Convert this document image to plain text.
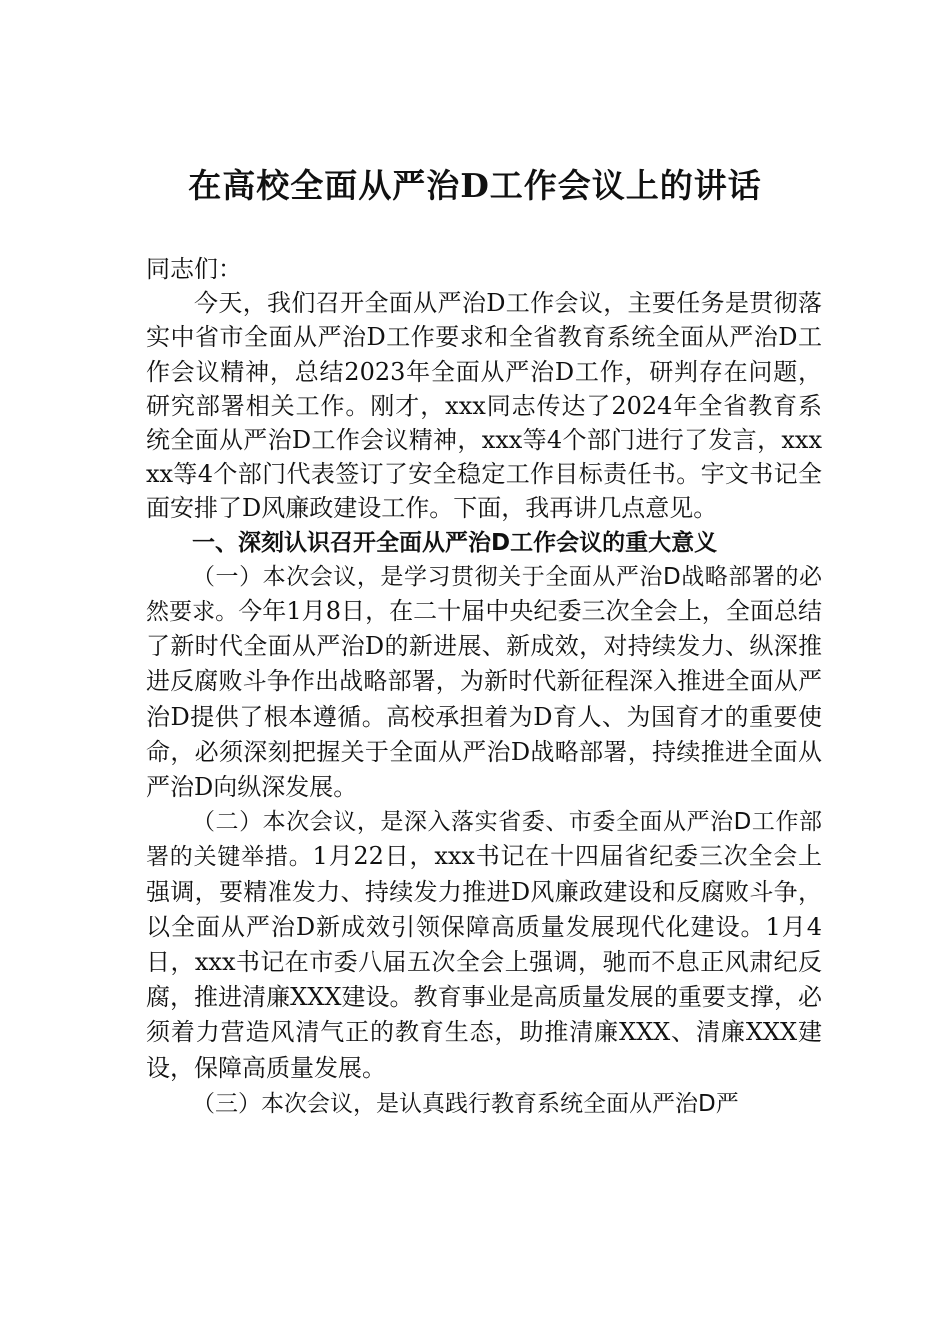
在高校全面从严治D工作会议上的讲话

同志们：

今天，我们召开全面从严治D工作会议，主要任务是贯彻落实中省市全面从严治D工作要求和全省教育系统全面从严治D工作会议精神，总结2023年全面从严治D工作，研判存在问题，研究部署相关工作。刚才，xxx同志传达了2024年全省教育系统全面从严治D工作会议精神，xxx等4个部门进行了发言，xxxxx等4个部门代表签订了安全稳定工作目标责任书。宇文书记全面安排了D风廉政建设工作。下面，我再讲几点意见。

一、深刻认识召开全面从严治D工作会议的重大意义

（一）本次会议，是学习贯彻关于全面从严治D战略部署的必然要求。今年1月8日，在二十届中央纪委三次全会上，全面总结了新时代全面从严治D的新进展、新成效，对持续发力、纵深推进反腐败斗争作出战略部署，为新时代新征程深入推进全面从严治D提供了根本遵循。高校承担着为D育人、为国育才的重要使命，必须深刻把握关于全面从严治D战略部署，持续推进全面从严治D向纵深发展。

（二）本次会议，是深入落实省委、市委全面从严治D工作部署的关键举措。1月22日，xxx书记在十四届省纪委三次全会上强调，要精准发力、持续发力推进D风廉政建设和反腐败斗争，以全面从严治D新成效引领保障高质量发展现代化建设。1月4日，xxx书记在市委八届五次全会上强调，驰而不息正风肃纪反腐，推进清廉XXX建设。教育事业是高质量发展的重要支撑，必须着力营造风清气正的教育生态，助推清廉XXX、清廉XXX建设，保障高质量发展。

（三）本次会议，是认真践行教育系统全面从严治D严
